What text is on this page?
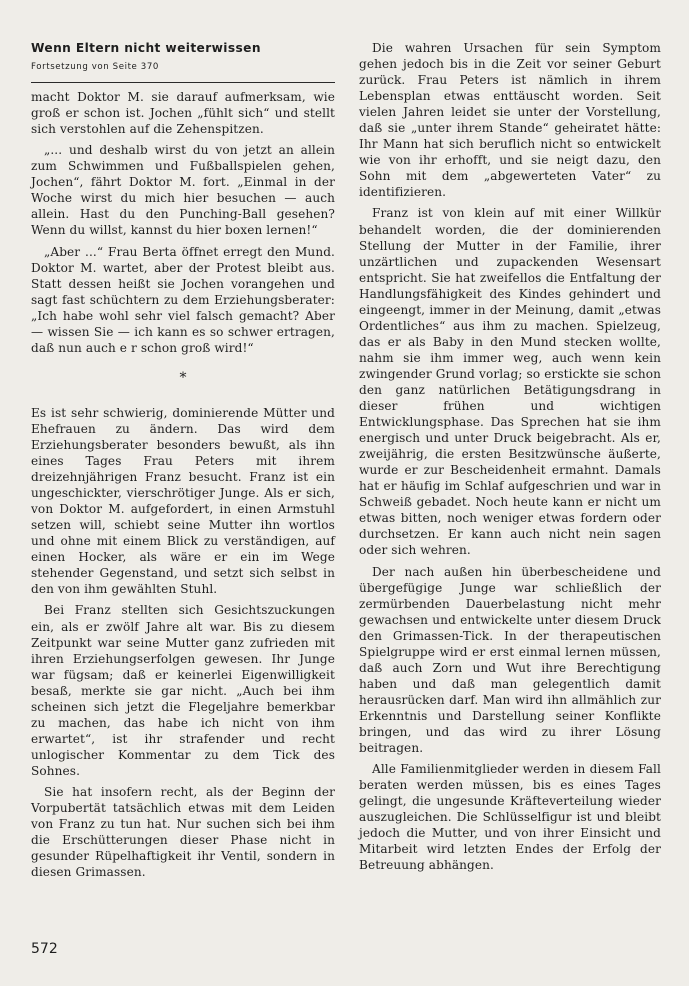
Wenn Eltern nicht weiterwissen
Fortsetzung von Seite 370

macht Doktor M. sie darauf aufmerksam, wie groß er schon ist. Jochen „fühlt sich“ und stellt sich verstohlen auf die Zehenspitzen.

„... und deshalb wirst du von jetzt an allein zum Schwimmen und Fußballspielen gehen, Jochen“, fährt Doktor M. fort. „Einmal in der Woche wirst du mich hier besuchen — auch allein. Hast du den Punching-Ball gesehen? Wenn du willst, kannst du hier boxen lernen!“

„Aber ...“ Frau Berta öffnet erregt den Mund. Doktor M. wartet, aber der Protest bleibt aus. Statt dessen heißt sie Jochen vorangehen und sagt fast schüchtern zu dem Erziehungsberater: „Ich habe wohl sehr viel falsch gemacht? Aber — wissen Sie — ich kann es so schwer ertragen, daß nun auch e r schon groß wird!“

*

Es ist sehr schwierig, dominierende Mütter und Ehefrauen zu ändern. Das wird dem Erziehungsberater besonders bewußt, als ihn eines Tages Frau Peters mit ihrem dreizehnjährigen Franz besucht. Franz ist ein ungeschickter, vierschrötiger Junge. Als er sich, von Doktor M. aufgefordert, in einen Armstuhl setzen will, schiebt seine Mutter ihn wortlos und ohne mit einem Blick zu verständigen, auf einen Hocker, als wäre er ein im Wege stehender Gegenstand, und setzt sich selbst in den von ihm gewählten Stuhl.

Bei Franz stellten sich Gesichtszuckungen ein, als er zwölf Jahre alt war. Bis zu diesem Zeitpunkt war seine Mutter ganz zufrieden mit ihren Erziehungserfolgen gewesen. Ihr Junge war fügsam; daß er keinerlei Eigenwilligkeit besaß, merkte sie gar nicht. „Auch bei ihm scheinen sich jetzt die Flegeljahre bemerkbar zu machen, das habe ich nicht von ihm erwartet“, ist ihr strafender und recht unlogischer Kommentar zu dem Tick des Sohnes.

Sie hat insofern recht, als der Beginn der Vorpubertät tatsächlich etwas mit dem Leiden von Franz zu tun hat. Nur suchen sich bei ihm die Erschütterungen dieser Phase nicht in gesunder Rüpelhaftigkeit ihr Ventil, sondern in diesen Grimassen.

Die wahren Ursachen für sein Symptom gehen jedoch bis in die Zeit vor seiner Geburt zurück. Frau Peters ist nämlich in ihrem Lebensplan etwas enttäuscht worden. Seit vielen Jahren leidet sie unter der Vorstellung, daß sie „unter ihrem Stande“ geheiratet hätte: Ihr Mann hat sich beruflich nicht so entwickelt wie von ihr erhofft, und sie neigt dazu, den Sohn mit dem „abgewerteten Vater“ zu identifizieren.

Franz ist von klein auf mit einer Willkür behandelt worden, die der dominierenden Stellung der Mutter in der Familie, ihrer unzärtlichen und zupackenden Wesensart entspricht. Sie hat zweifellos die Entfaltung der Handlungsfähigkeit des Kindes gehindert und eingeengt, immer in der Meinung, damit „etwas Ordentliches“ aus ihm zu machen. Spielzeug, das er als Baby in den Mund stecken wollte, nahm sie ihm immer weg, auch wenn kein zwingender Grund vorlag; so erstickte sie schon den ganz natürlichen Betätigungsdrang in dieser frühen und wichtigen Entwicklungsphase. Das Sprechen hat sie ihm energisch und unter Druck beigebracht. Als er, zweijährig, die ersten Besitzwünsche äußerte, wurde er zur Bescheidenheit ermahnt. Damals hat er häufig im Schlaf aufgeschrien und war in Schweiß gebadet. Noch heute kann er nicht um etwas bitten, noch weniger etwas fordern oder durchsetzen. Er kann auch nicht nein sagen oder sich wehren.

Der nach außen hin überbescheidene und übergefügige Junge war schließlich der zermürbenden Dauerbelastung nicht mehr gewachsen und entwickelte unter diesem Druck den Grimassen-Tick. In der therapeutischen Spielgruppe wird er erst einmal lernen müssen, daß auch Zorn und Wut ihre Berechtigung haben und daß man gelegentlich damit herausrücken darf. Man wird ihn allmählich zur Erkenntnis und Darstellung seiner Konflikte bringen, und das wird zu ihrer Lösung beitragen.

Alle Familienmitglieder werden in diesem Fall beraten werden müssen, bis es eines Tages gelingt, die ungesunde Kräfteverteilung wieder auszugleichen. Die Schlüsselfigur ist und bleibt jedoch die Mutter, und von ihrer Einsicht und Mitarbeit wird letzten Endes der Erfolg der Betreuung abhängen.

572
